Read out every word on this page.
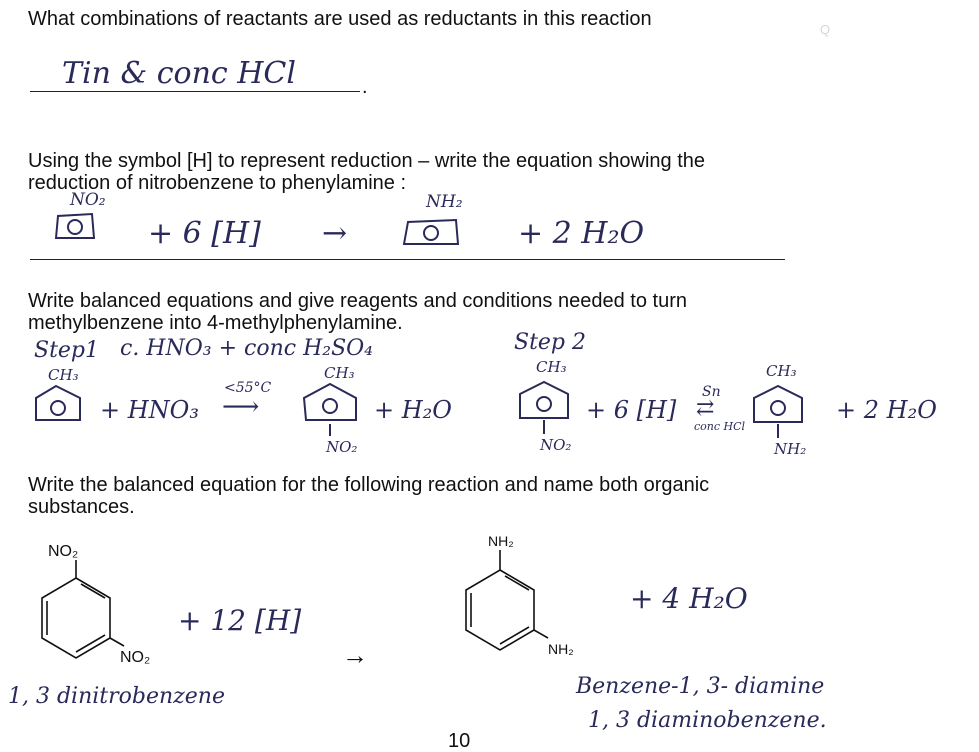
Q
What combinations of reactants are used as reductants in this reaction
Tin & conc HCl	.
Using the symbol [H] to represent reduction – write the equation showing the
reduction of nitrobenzene to phenylamine :
NO₂
+ 6 [H] →
NH₂
+ 2 H₂O
Write balanced equations and give reagents and conditions needed to turn
methylbenzene into 4-methylphenylamine.
Step1 c. HNO₃ + conc H₂SO₄
CH₃
+ HNO₃
<55°C
⟶
CH₃
NO₂
+ H₂O
Step 2
CH₃
NO₂
+ 6 [H]
Sn
⇄
conc HCl
CH₃
NH₂
+ 2 H₂O
Write the balanced equation for the following reaction and name both organic
substances.
NO₂
NO₂
+ 12 [H]
→
NH₂
NH₂
+ 4 H₂O
1, 3 dinitrobenzene	Benzene-1, 3- diamine
1, 3 diaminobenzene.
10
